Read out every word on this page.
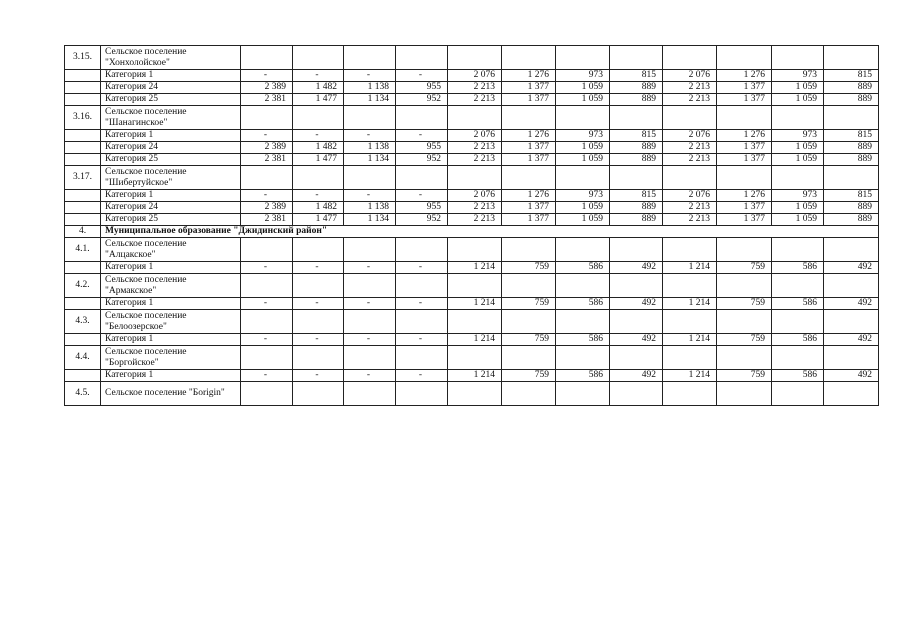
3.15.	Сельское поселение "Хонхолойское"												
	Категория 1	-	-	-	-	2 076	1 276	973	815	2 076	1 276	973	815
	Категория 24	2 389	1 482	1 138	955	2 213	1 377	1 059	889	2 213	1 377	1 059	889
	Категория 25	2 381	1 477	1 134	952	2 213	1 377	1 059	889	2 213	1 377	1 059	889
3.16.	Сельское поселение "Шанагинское"												
	Категория 1	-	-	-	-	2 076	1 276	973	815	2 076	1 276	973	815
	Категория 24	2 389	1 482	1 138	955	2 213	1 377	1 059	889	2 213	1 377	1 059	889
	Категория 25	2 381	1 477	1 134	952	2 213	1 377	1 059	889	2 213	1 377	1 059	889
3.17.	Сельское поселение "Шибертуйское"												
	Категория 1	-	-	-	-	2 076	1 276	973	815	2 076	1 276	973	815
	Категория 24	2 389	1 482	1 138	955	2 213	1 377	1 059	889	2 213	1 377	1 059	889
	Категория 25	2 381	1 477	1 134	952	2 213	1 377	1 059	889	2 213	1 377	1 059	889
4.	Муниципальное образование "Джидинский район"												
4.1.	Сельское поселение "Алцакское"												
	Категория 1	-	-	-	-	1 214	759	586	492	1 214	759	586	492
4.2.	Сельское поселение "Армакское"												
	Категория 1	-	-	-	-	1 214	759	586	492	1 214	759	586	492
4.3.	Сельское поселение "Белоозерское"												
	Категория 1	-	-	-	-	1 214	759	586	492	1 214	759	586	492
4.4.	Сельское поселение "Боргойское"												
	Категория 1	-	-	-	-	1 214	759	586	492	1 214	759	586	492
4.5.	Сельское поселение "Бorigin"												
